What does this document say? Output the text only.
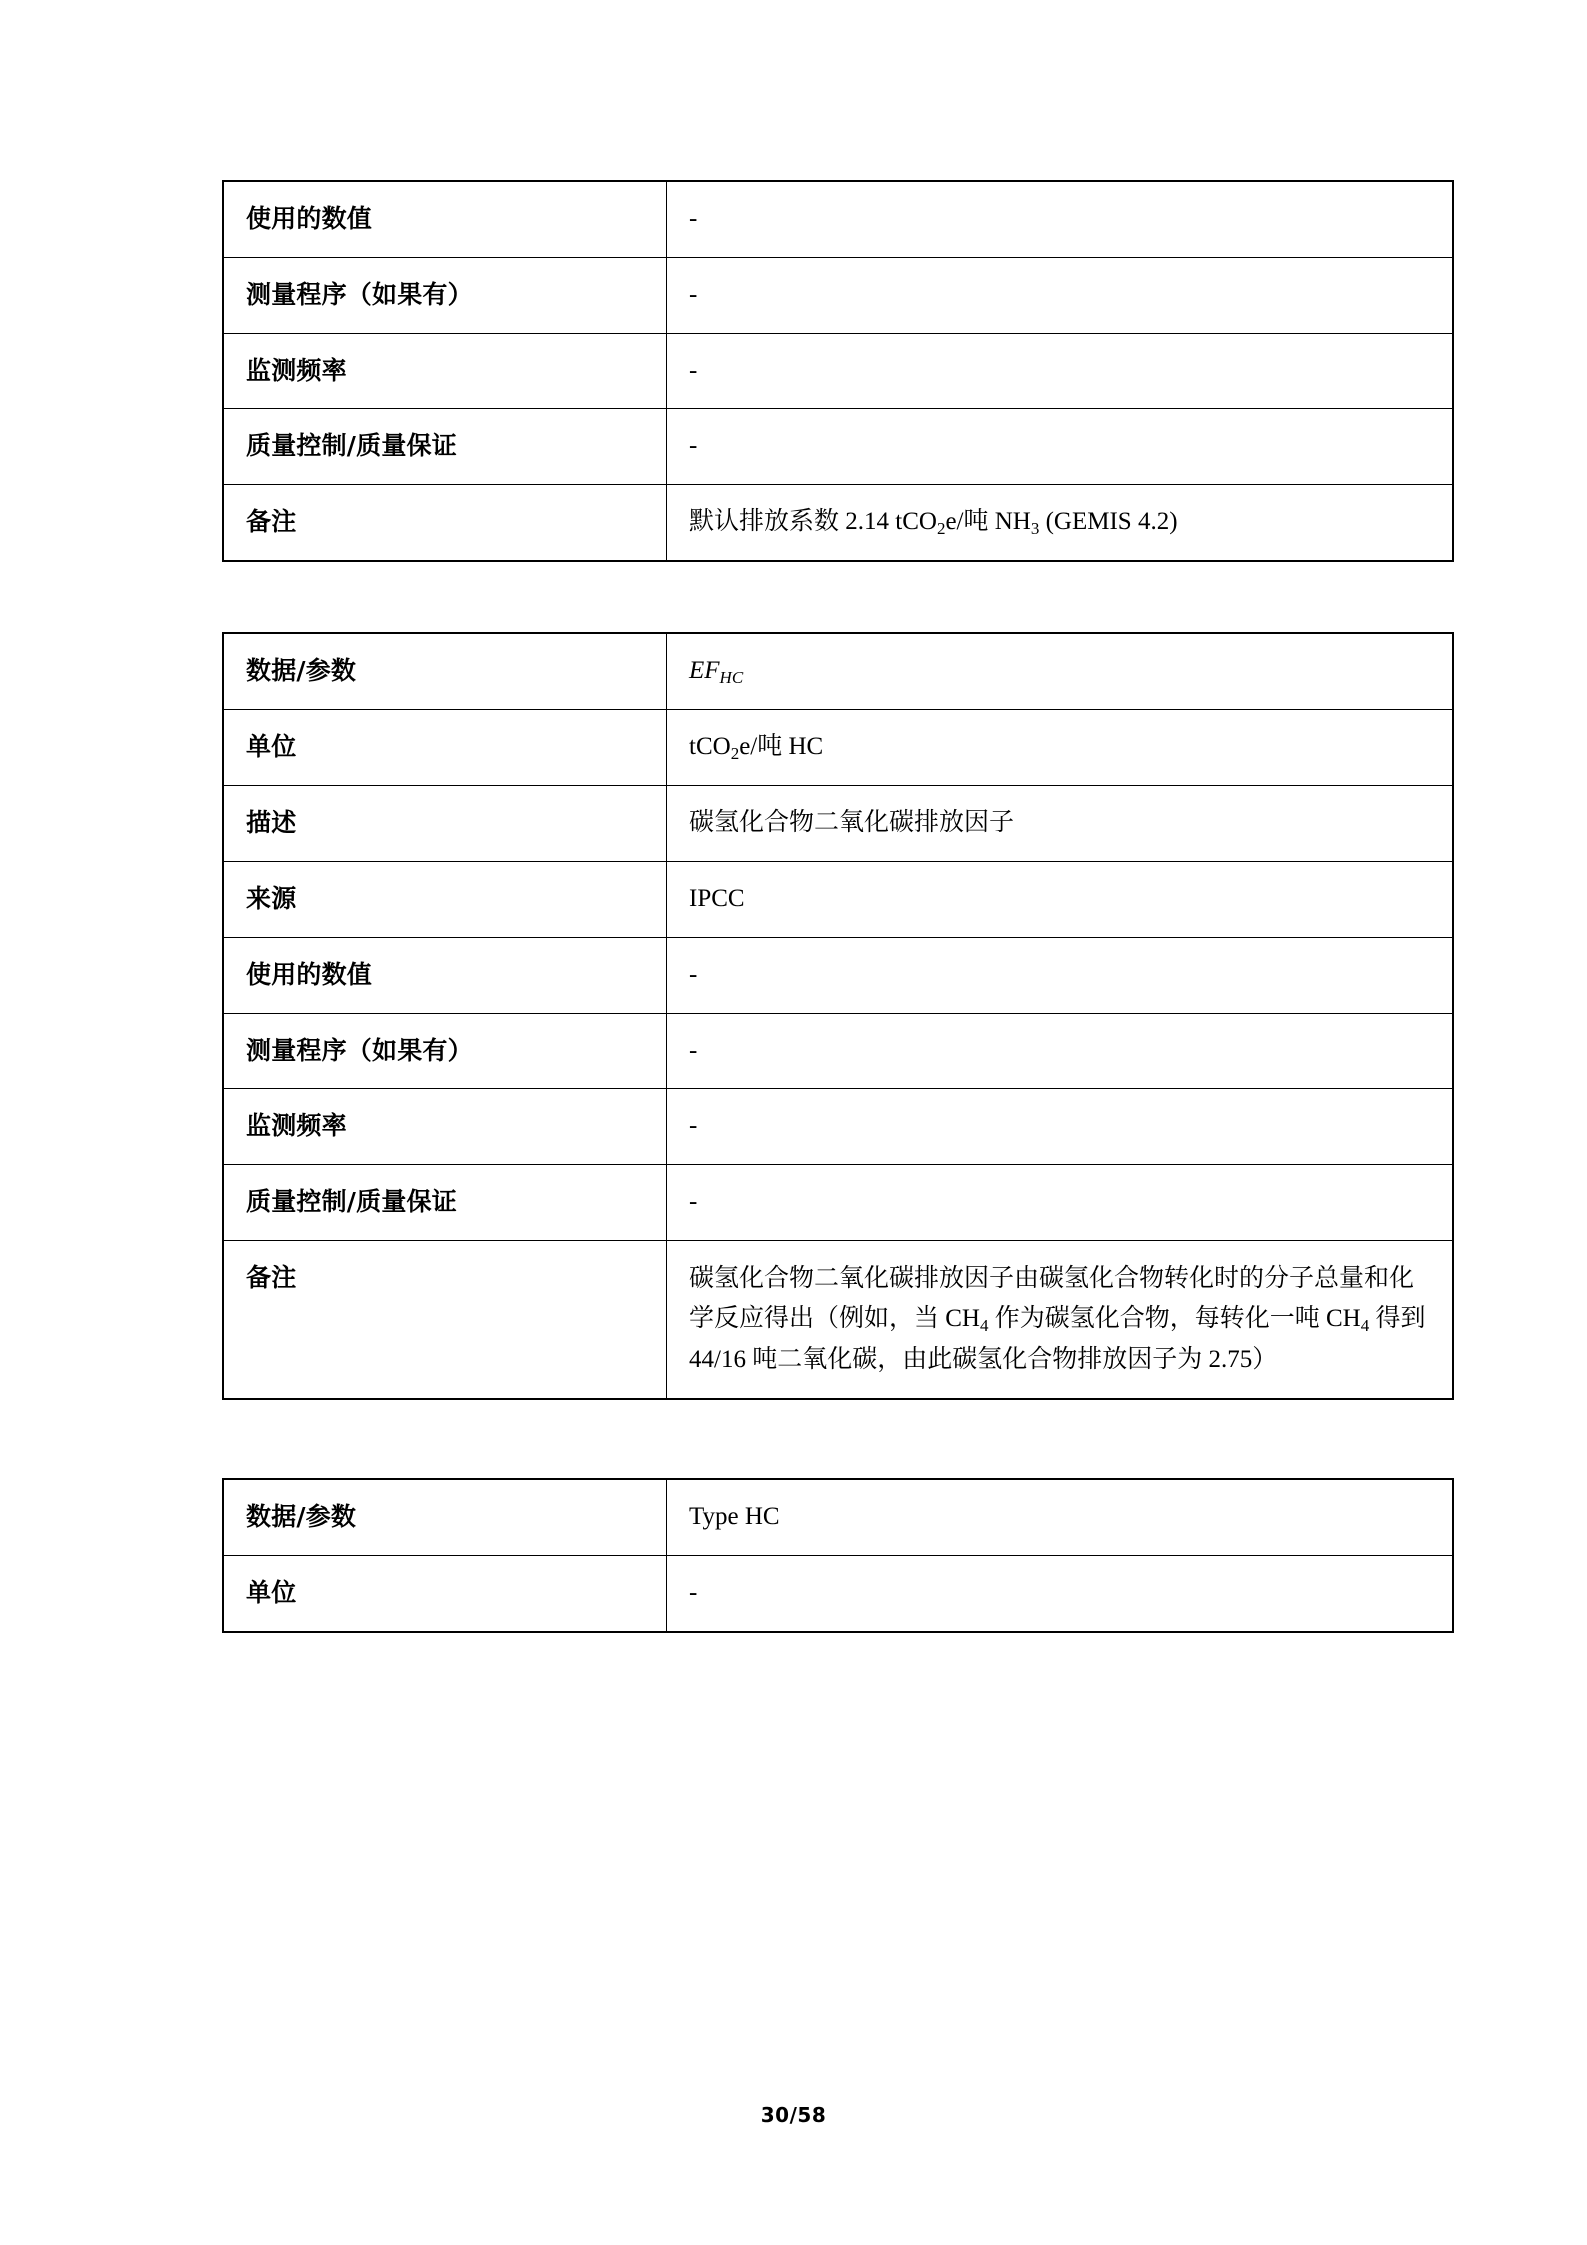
使用的数值	-
测量程序（如果有）	-
监测频率	-
质量控制/质量保证	-
备注	默认排放系数 2.14 tCO$_2$e/吨 $NH_3$ (GEMIS 4.2)
数据/参数	$EF_{HC}$
单位	tCO$_2$e/吨 HC
描述	碳氢化合物二氧化碳排放因子
来源	IPCC
使用的数值	-
测量程序（如果有）	-
监测频率	-
质量控制/质量保证	-
备注	碳氢化合物二氧化碳排放因子由碳氢化合物转化时的分子总量和化学反应得出（例如，当 $CH_4$ 作为碳氢化合物，每转化一吨 $CH_4$ 得到 44/16 吨二氧化碳，由此碳氢化合物排放因子为 2.75）
数据/参数	Type HC
单位	-
30/58
